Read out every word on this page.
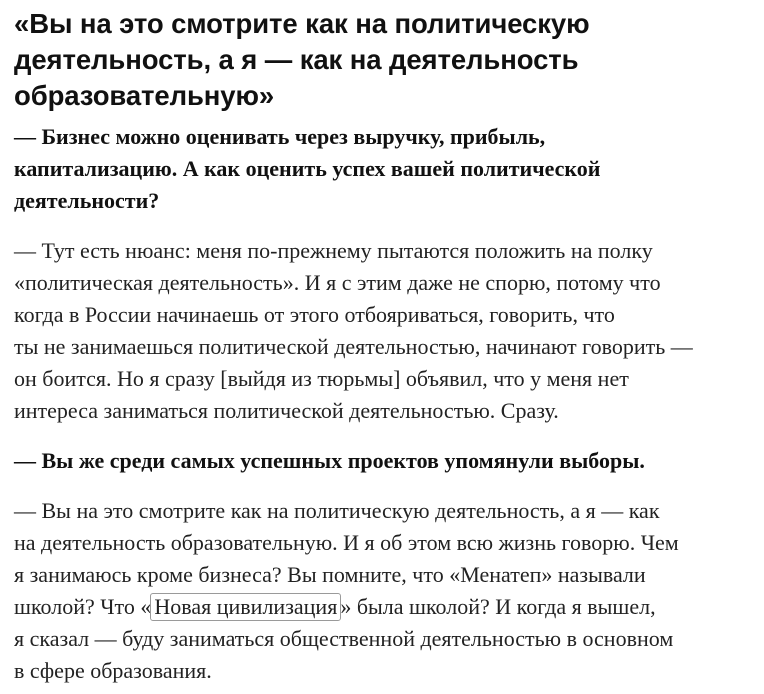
«Вы на это смотрите как на политическую
деятельность, а я — как на деятельность
образовательную»
— Бизнес можно оценивать через выручку, прибыль,
капитализацию. А как оценить успех вашей политической
деятельности?
— Тут есть нюанс: меня по-прежнему пытаются положить на полку
«политическая деятельность». И я с этим даже не спорю, потому что
когда в России начинаешь от этого отбояриваться, говорить, что
ты не занимаешься политической деятельностью, начинают говорить —
он боится. Но я сразу [выйдя из тюрьмы] объявил, что у меня нет
интереса заниматься политической деятельностью. Сразу.
— Вы же среди самых успешных проектов упомянули выборы.
— Вы на это смотрите как на политическую деятельность, а я — как
на деятельность образовательную. И я об этом всю жизнь говорю. Чем
я занимаюсь кроме бизнеса? Вы помните, что «Менатеп» называли
школой? Что « Новая цивилизация » была школой? И когда я вышел,
я сказал — буду заниматься общественной деятельностью в основном
в сфере образования.
